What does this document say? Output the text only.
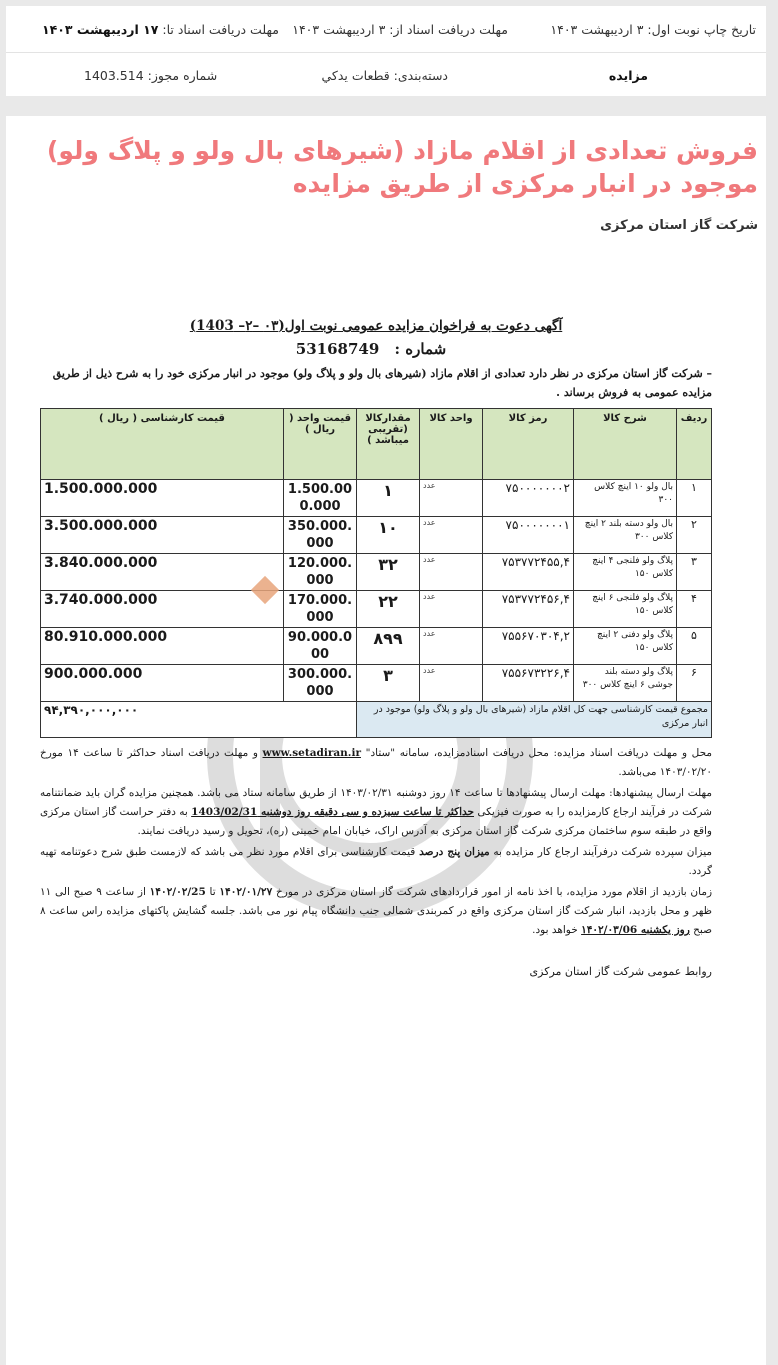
تاریخ چاپ نوبت اول: ۳ اردیبهشت ۱۴۰۳
مهلت دریافت اسناد از: ۳ اردیبهشت ۱۴۰۳
مهلت دریافت اسناد تا: ۱۷ اردیبهشت ۱۴۰۳
مزایده
دسته‌بندی: قطعات یدکي
شماره مجوز: 1403.514
فروش تعدادی از اقلام مازاد (شیرهای بال ولو و پلاگ ولو) موجود در انبار مرکزی از طریق مزایده
شرکت گاز استان مرکزی
آگهی دعوت به فراخوان مزایده عمومی نوبت اول(۰۳ –۲– 1403)
شماره : 53168749
– شرکت گاز استان مرکزی در نظر دارد تعدادی از اقلام مازاد (شیرهای بال ولو و پلاگ ولو) موجود در انبار مرکزی خود را به شرح ذیل از طریق مزایده عمومی به فروش برساند .
ردیف	شرح کالا	رمز کالا	واحد کالا	مقدارکالا (تقریبی میباشد )	قیمت واحد ( ریال )	قیمت کارشناسی ( ریال )
۱	بال ولو ۱۰ اینچ کلاس ۳۰۰	۷۵۰۰۰۰۰۰۰۲	عدد	۱	1.500.000.000	1.500.000.000
۲	بال ولو دسته بلند ۲ اینچ کلاس ۳۰۰	۷۵۰۰۰۰۰۰۰۱	عدد	۱۰	350.000.000	3.500.000.000
۳	پلاگ ولو فلنجی ۴ اینچ کلاس ۱۵۰	۷۵۳۷۷۲۴۵۵,۴	عدد	۳۲	120.000.000	3.840.000.000
۴	پلاگ ولو فلنجی ۶ اینچ کلاس ۱۵۰	۷۵۳۷۷۲۴۵۶,۴	عدد	۲۲	170.000.000	3.740.000.000
۵	پلاگ ولو دفنی ۲ اینچ کلاس ۱۵۰	۷۵۵۶۷۰۳۰۴,۲	عدد	۸۹۹	90.000.000	80.910.000.000
۶	پلاگ ولو دسته بلند جوشی ۶ اینچ کلاس ۳۰۰	۷۵۵۶۷۳۲۲۶,۴	عدد	۳	300.000.000	900.000.000
مجموع قیمت کارشناسی جهت کل اقلام مازاد (شیرهای بال ولو و پلاگ ولو) موجود در انبار مرکزی					۹۴,۳۹۰,۰۰۰,۰۰۰	

محل و مهلت دریافت اسناد مزایده: محل دریافت اسنادمزایده، سامانه "ستاد" www.setadiran.ir و مهلت دریافت اسناد حداکثر تا ساعت ۱۴ مورخ ۱۴۰۳/۰۲/۲۰ می‌باشد.

مهلت ارسال پیشنهادها: مهلت ارسال پیشنهادها تا ساعت ۱۴ روز دوشنبه ۱۴۰۳/۰۲/۳۱ از طریق سامانه ستاد می باشد. همچنین مزایده گران باید ضمانتنامه شرکت در فرآیند ارجاع کارمزایده را به صورت فیزیکی حداکثر تا ساعت سیزده و سی دقیقه روز دوشنبه 1403/02/31 به دفتر حراست گاز استان مرکزی واقع در طبقه سوم ساختمان مرکزی شرکت گاز استان مرکزی به آدرس اراک، خیابان امام خمینی (ره)، تحویل و رسید دریافت نمایند.

میزان سپرده شرکت درفرآیند ارجاع کار مزایده به میزان پنج درصد قیمت کارشناسی برای اقلام مورد نظر می باشد که لازمست طبق شرح دعوتنامه تهیه گردد.

زمان بازدید از اقلام مورد مزایده، با اخذ نامه از امور قراردادهای شرکت گاز استان مرکزی در مورخ ۱۴۰۲/۰۱/۲۷ تا ۱۴۰۲/۰۲/25 از ساعت ۹ صبح الی ۱۱ ظهر و محل بازدید، انبار شرکت گاز استان مرکزی واقع در کمربندی شمالی جنب دانشگاه پیام نور می باشد. جلسه گشایش پاکتهای مزایده راس ساعت ۸ صبح روز یکشنبه ۱۴۰۲/۰۳/06 خواهد بود.

روابط عمومی شرکت گاز استان مرکزی
